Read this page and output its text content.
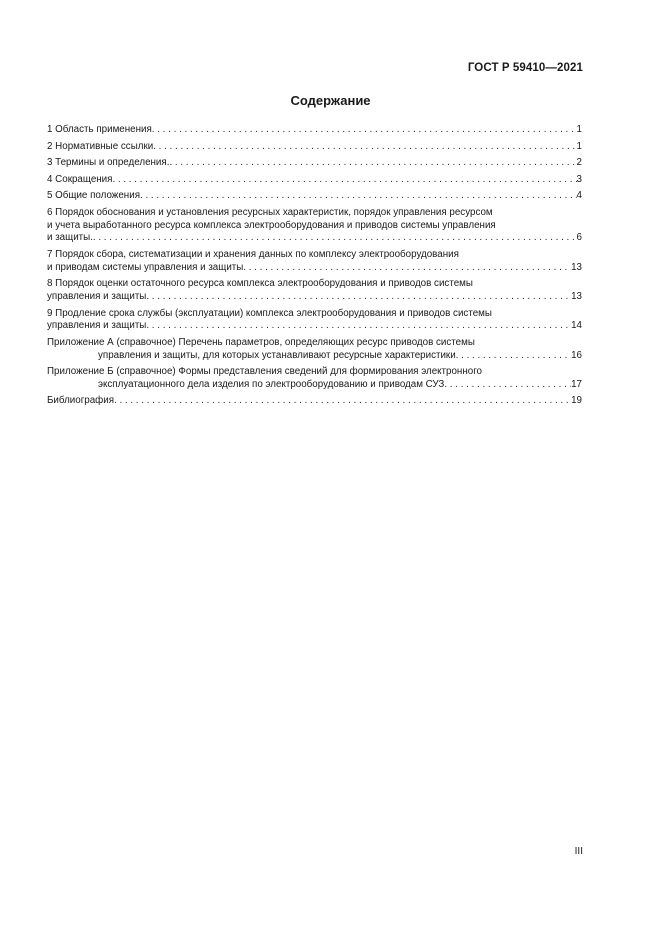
ГОСТ Р 59410—2021
Содержание
1 Область применения . . .	1
2 Нормативные ссылки . . .	1
3 Термины и определения. . . .	2
4 Сокращения . . .	3
5 Общие положения . . .	4
6 Порядок обоснования и установления ресурсных характеристик, порядок управления ресурсом
и учета выработанного ресурса комплекса электрооборудования и приводов системы управления
и защиты. . . .	6
7 Порядок сбора, систематизации и хранения данных по комплексу электрооборудования
и приводам системы управления и защиты . . .	13
8 Порядок оценки остаточного ресурса комплекса электрооборудования и приводов системы
управления и защиты . . .	13
9 Продление срока службы (эксплуатации) комплекса электрооборудования и приводов системы
управления и защиты . . .	14
Приложение А (справочное) Перечень параметров, определяющих ресурс приводов системы
управления и защиты, для которых устанавливают ресурсные характеристики . . .	16
Приложение Б (справочное) Формы представления сведений для формирования электронного
эксплуатационного дела изделия по электрооборудованию и приводам СУЗ . . .	17
Библиография . . .	19
III
